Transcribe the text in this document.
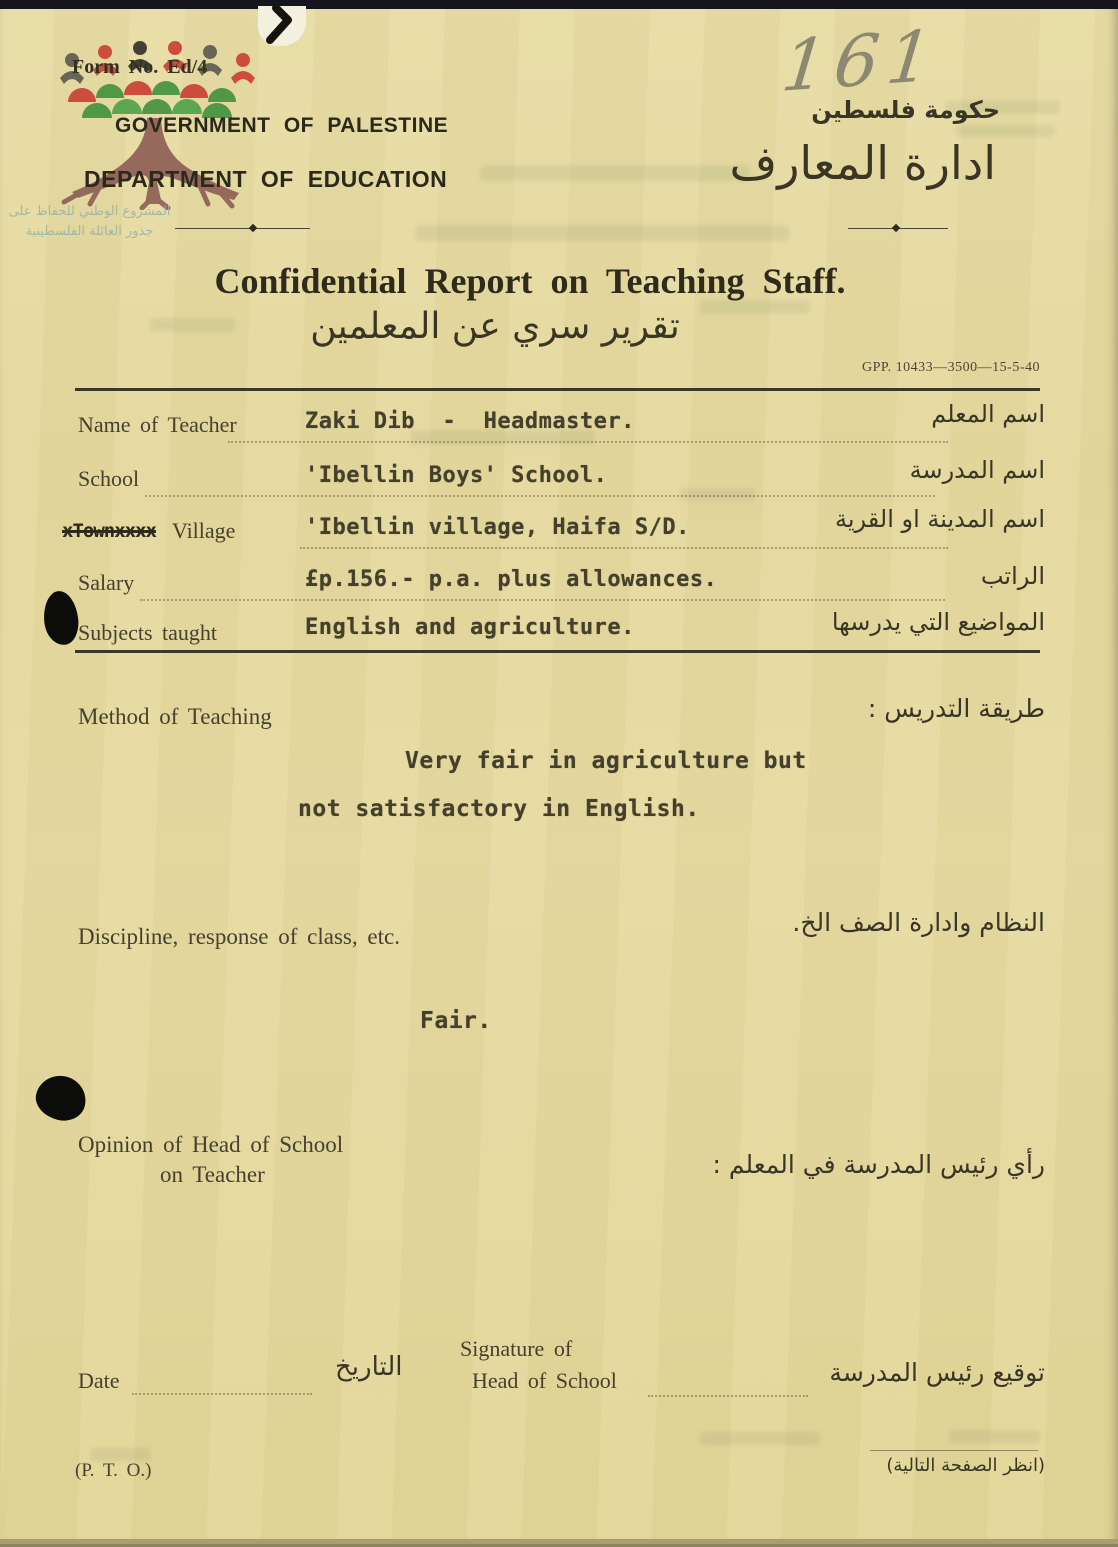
المشروع الوطني للحفاظ على
جذور العائلة الفلسطينية
Form No. Ed/4
GOVERNMENT OF PALESTINE
DEPARTMENT OF EDUCATION
161
حكومة فلسطين
ادارة المعارف
Confidential Report on Teaching Staff.
تقرير سري عن المعلمين
GPP. 10433—3500—15-5-40
Name of Teacher	Zaki Dib  -  Headmaster.	اسم المعلم
School	'Ibellin Boys' School.	اسم المدرسة
xTownxxxx Village	'Ibellin village, Haifa S/D.	اسم المدينة او القرية
Salary	£p.156.- p.a. plus allowances.	الراتب
Subjects taught	English and agriculture.	المواضيع التي يدرسها
Method of Teaching	طريقة التدريس :
Very fair in agriculture but
not satisfactory in English.
Discipline, response of class, etc.	النظام وادارة الصف الخ.
Fair.
Opinion of Head of School
on Teacher	رأي رئيس المدرسة في المعلم :
Date	التاريخ
Signature of
Head of School	توقيع رئيس المدرسة
(P. T. O.)	(انظر الصفحة التالية)
